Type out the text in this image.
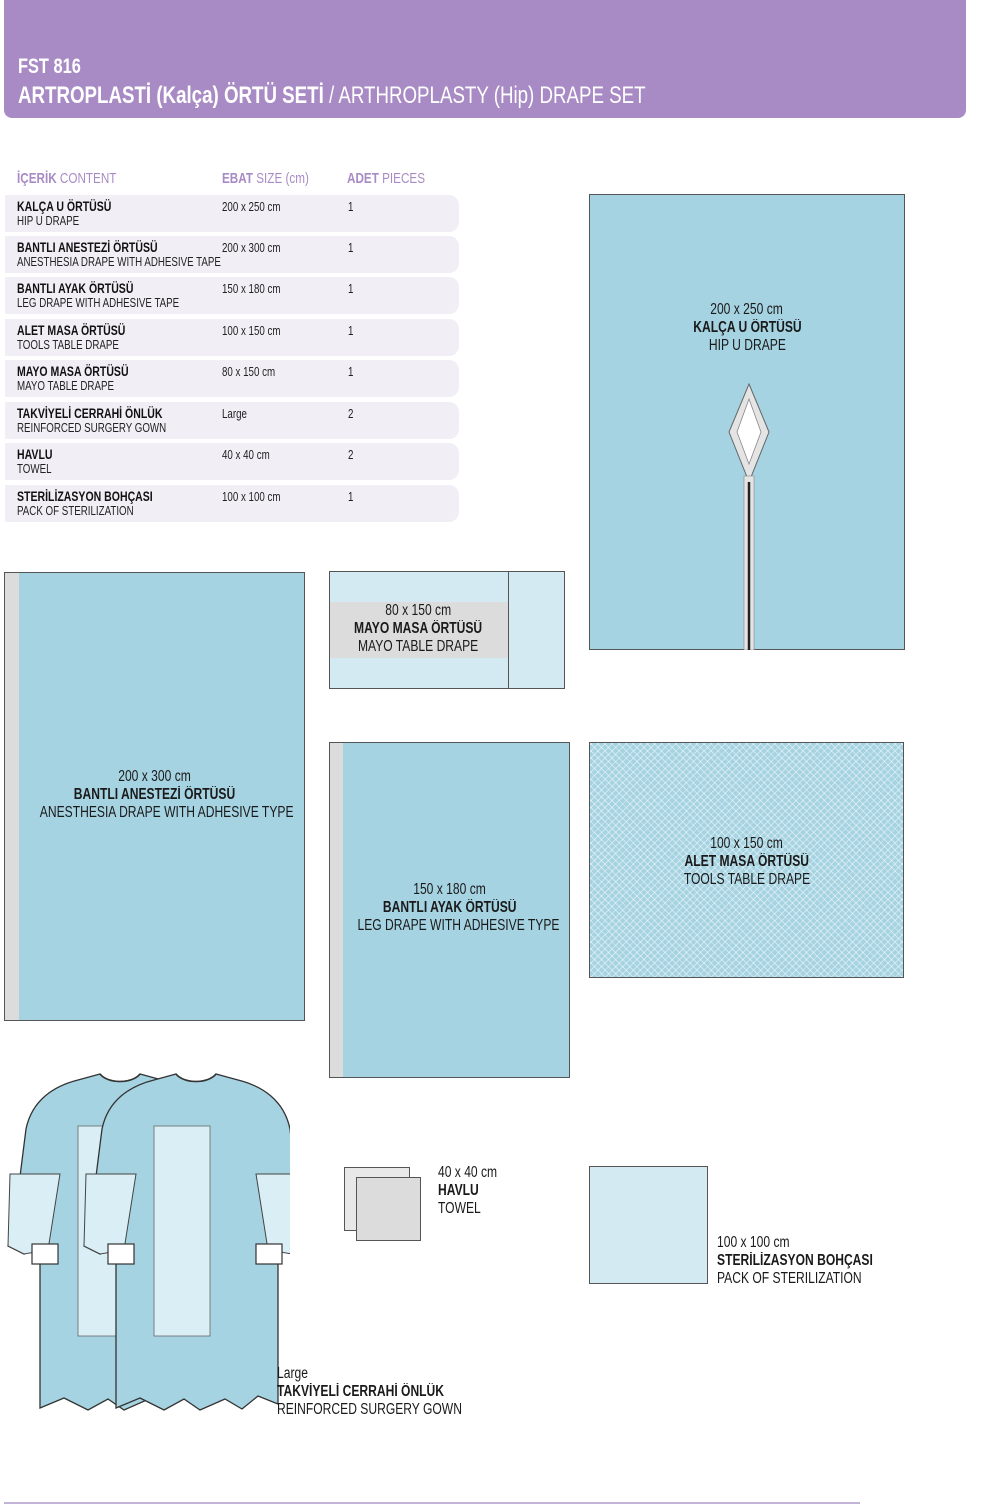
FST 816
ARTROPLASTİ (Kalça) ÖRTÜ SETİ / ARTHROPLASTY (Hip) DRAPE SET
İÇERİK CONTENT	EBAT SIZE (cm)	ADET PIECES
KALÇA U ÖRTÜSÜ
HIP U DRAPE
200 x 250 cm	1
BANTLI ANESTEZİ ÖRTÜSÜ
ANESTHESIA DRAPE WITH ADHESIVE TAPE
200 x 300 cm	1
BANTLI AYAK ÖRTÜSÜ
LEG DRAPE WITH ADHESIVE TAPE
150 x 180 cm	1
ALET MASA ÖRTÜSÜ
TOOLS TABLE DRAPE
100 x 150 cm	1
MAYO MASA ÖRTÜSÜ
MAYO TABLE DRAPE
80 x 150 cm	1
TAKVİYELİ CERRAHİ ÖNLÜK
REINFORCED SURGERY GOWN
Large	2
HAVLU
TOWEL
40 x 40 cm	2
STERİLİZASYON BOHÇASI
PACK OF STERILIZATION
100 x 100 cm	1
200 x 250 cm
KALÇA U ÖRTÜSÜ
HIP U DRAPE
200 x 300 cm
BANTLI ANESTEZİ ÖRTÜSÜ
ANESTHESIA DRAPE WITH ADHESIVE TYPE
80 x 150 cm
MAYO MASA ÖRTÜSÜ
MAYO TABLE DRAPE
150 x 180 cm
BANTLI AYAK ÖRTÜSÜ
LEG DRAPE WITH ADHESIVE TYPE
100 x 150 cm
ALET MASA ÖRTÜSÜ
TOOLS TABLE DRAPE
Large
TAKVİYELİ CERRAHİ ÖNLÜK
REINFORCED SURGERY GOWN
40 x 40 cm
HAVLU
TOWEL
100 x 100 cm
STERİLİZASYON BOHÇASI
PACK OF STERILIZATION
